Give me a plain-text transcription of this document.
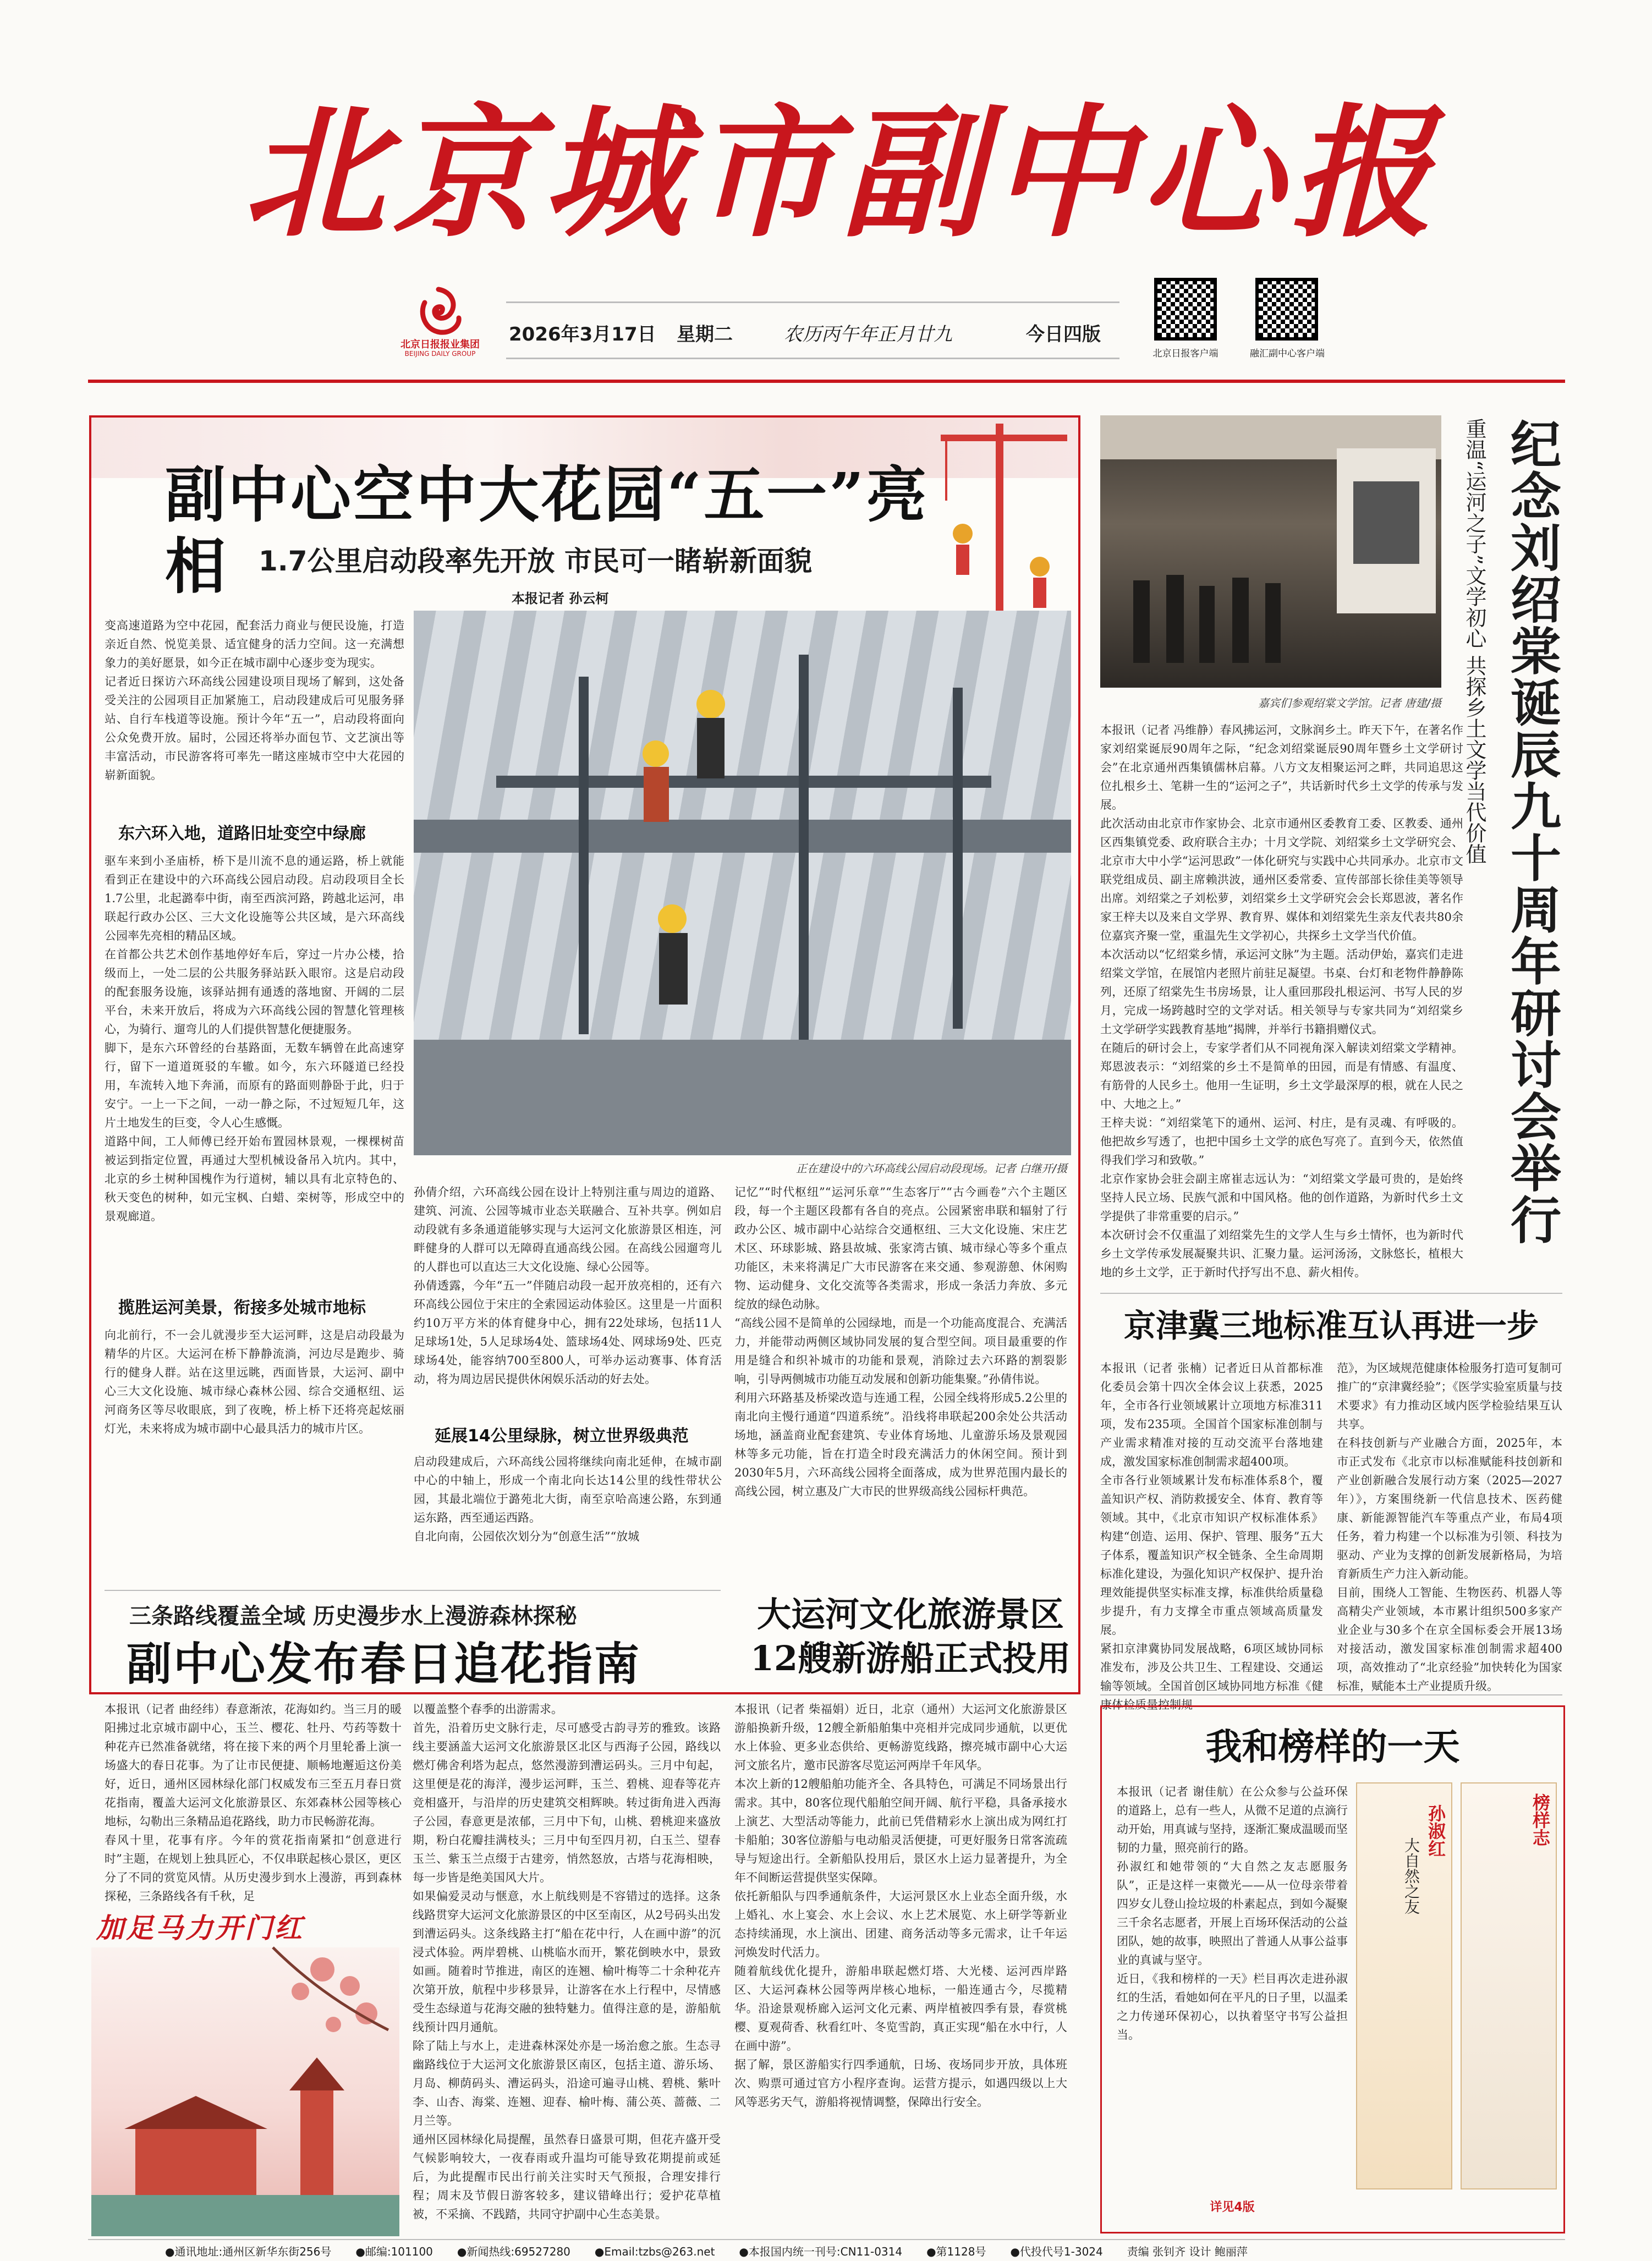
北京城市副中心报
北京日报报业集团
BEIJING DAILY GROUP
2026年3月17日	星期二	农历丙午年正月廿九	今日四版
北京日报客户端	融汇副中心客户端
副中心空中大花园“五一”亮相	1.7公里启动段率先开放 市民可一睹崭新面貌
本报记者 孙云柯
变高速道路为空中花园，配套活力商业与便民设施，打造亲近自然、悦览美景、适宜健身的活力空间。这一充满想象力的美好愿景，如今正在城市副中心逐步变为现实。
记者近日探访六环高线公园建设项目现场了解到，这处备受关注的公园项目正加紧施工，启动段建成后可见服务驿站、自行车栈道等设施。预计今年“五一”，启动段将面向公众免费开放。届时，公园还将举办面包节、文艺演出等丰富活动，市民游客将可率先一睹这座城市空中大花园的崭新面貌。
东六环入地，道路旧址变空中绿廊
驱车来到小圣庙桥，桥下是川流不息的通运路，桥上就能看到正在建设中的六环高线公园启动段。启动段项目全长1.7公里，北起潞奉中街，南至西滨河路，跨越北运河，串联起行政办公区、三大文化设施等公共区域，是六环高线公园率先亮相的精品区域。
在首都公共艺术创作基地停好车后，穿过一片办公楼，拾级而上，一处二层的公共服务驿站跃入眼帘。这是启动段的配套服务设施，该驿站拥有通透的落地窗、开阔的二层平台，未来开放后，将成为六环高线公园的智慧化管理核心，为骑行、遛弯儿的人们提供智慧化便捷服务。
脚下，是东六环曾经的台基路面，无数车辆曾在此高速穿行，留下一道道斑驳的车辙。如今，东六环隧道已经投用，车流转入地下奔涌，而原有的路面则静卧于此，归于安宁。一上一下之间，一动一静之际，不过短短几年，这片土地发生的巨变，令人心生感慨。
道路中间，工人师傅已经开始布置园林景观，一棵棵树苗被运到指定位置，再通过大型机械设备吊入坑内。其中，北京的乡土树种国槐作为行道树，辅以具有北京特色的、秋天变色的树种，如元宝枫、白蜡、栾树等，形成空中的景观廊道。
揽胜运河美景，衔接多处城市地标
向北前行，不一会儿就漫步至大运河畔，这是启动段最为精华的片区。大运河在桥下静静流淌，河边尽是跑步、骑行的健身人群。站在这里远眺，西面皆景，大运河、副中心三大文化设施、城市绿心森林公园、综合交通枢纽、运河商务区等尽收眼底，到了夜晚，桥上桥下还将亮起炫丽灯光，未来将成为城市副中心最具活力的城市片区。
正在建设中的六环高线公园启动段现场。记者 白继开/摄
孙倩介绍，六环高线公园在设计上特别注重与周边的道路、建筑、河流、公园等城市业态关联融合、互补共享。例如启动段就有多条通道能够实现与大运河文化旅游景区相连，河畔健身的人群可以无障碍直通高线公园。在高线公园遛弯儿的人群也可以直达三大文化设施、绿心公园等。
孙倩透露，今年“五一”伴随启动段一起开放亮相的，还有六环高线公园位于宋庄的全索园运动体验区。这里是一片面积约10万平方米的体育健身中心，拥有22处球场，包括11人足球场1处，5人足球场4处、篮球场4处、网球场9处、匹克球场4处，能容纳700至800人，可举办运动赛事、体育活动，将为周边居民提供休闲娱乐活动的好去处。
延展14公里绿脉，树立世界级典范
启动段建成后，六环高线公园将继续向南北延伸，在城市副中心的中轴上，形成一个南北向长达14公里的线性带状公园，其最北端位于潞苑北大街，南至京哈高速公路，东到通运东路，西至通运西路。
自北向南，公园依次划分为“创意生活”“放城
记忆”“时代枢纽”“运河乐章”“生态客厅”“古今画卷”六个主题区段，每一个主题区段都有各自的亮点。公园紧密串联和辐射了行政办公区、城市副中心站综合交通枢纽、三大文化设施、宋庄艺术区、环球影城、路县故城、张家湾古镇、城市绿心等多个重点功能区，未来将满足广大市民游客在来交通、参观游憩、休闲购物、运动健身、文化交流等各类需求，形成一条活力奔放、多元绽放的绿色动脉。
“高线公园不是简单的公园绿地，而是一个功能高度混合、充满活力，并能带动两侧区域协同发展的复合型空间。项目最重要的作用是缝合和织补城市的功能和景观，消除过去六环路的割裂影响，引导两侧城市功能互动发展和创新功能集聚。”孙倩伟说。
利用六环路基及桥梁改造与连通工程，公园全线将形成5.2公里的南北向主慢行通道“四道系统”。沿线将串联起200余处公共活动场地，涵盖商业配套建筑、专业体育场地、儿童游乐场及景观园林等多元功能，旨在打造全时段充满活力的休闲空间。预计到2030年5月，六环高线公园将全面落成，成为世界范围内最长的高线公园，树立惠及广大市民的世界级高线公园标杆典范。
三条路线覆盖全域 历史漫步水上漫游森林探秘
副中心发布春日追花指南
加足马力开门红
本报讯（记者 曲经纬）春意渐浓，花海如约。当三月的暖阳拂过北京城市副中心，玉兰、樱花、牡丹、芍药等数十种花卉已然准备就绪，将在接下来的两个月里轮番上演一场盛大的春日花事。为了让市民便捷、顺畅地邂逅这份美好，近日，通州区园林绿化部门权威发布三至五月春日赏花指南，覆盖大运河文化旅游景区、东郊森林公园等核心地标，勾勒出三条精品追花路线，助力市民畅游花海。
春风十里，花事有序。今年的赏花指南紧扣“创意进行时”主题，在规划上独具匠心，不仅串联起核心景区，更区分了不同的赏览风情。从历史漫步到水上漫游，再到森林探秘，三条路线各有千秋，足
以覆盖整个春季的出游需求。
首先，沿着历史文脉行走，尽可感受古韵寻芳的雅致。该路线主要涵盖大运河文化旅游景区北区与西海子公园，路线以燃灯佛舍利塔为起点，悠然漫游到漕运码头。三月中旬起，这里便是花的海洋，漫步运河畔，玉兰、碧桃、迎春等花卉竞相盛开，与沿岸的历史建筑交相辉映。转过街角进入西海子公园，春意更是浓郁，三月中下旬，山桃、碧桃迎来盛放期，粉白花瓣挂满枝头；三月中旬至四月初，白玉兰、望春玉兰、紫玉兰点缀于古建旁，悄然怒放，古塔与花海相映，每一步皆是绝美国风大片。
如果偏爱灵动与惬意，水上航线则是不容错过的选择。这条线路贯穿大运河文化旅游景区的中区至南区，从2号码头出发到漕运码头。这条线路主打“船在花中行，人在画中游”的沉浸式体验。两岸碧桃、山桃临水而开，繁花倒映水中，景致如画。随着时节推进，南区的连翘、榆叶梅等二十余种花卉次第开放，航程中步移景异，让游客在水上行程中，尽情感受生态绿道与花海交融的独特魅力。值得注意的是，游船航线预计四月通航。
除了陆上与水上，走进森林深处亦是一场治愈之旅。生态寻幽路线位于大运河文化旅游景区南区，包括主道、游乐场、月岛、柳荫码头、漕运码头，沿途可遍寻山桃、碧桃、紫叶李、山杏、海棠、连翘、迎春、榆叶梅、蒲公英、蔷薇、二月兰等。
通州区园林绿化局提醒，虽然春日盛景可期，但花卉盛开受气候影响较大，一夜春雨或升温均可能导致花期提前或延后，为此提醒市民出行前关注实时天气预报，合理安排行程；周末及节假日游客较多，建议错峰出行；爱护花草植被，不采摘、不践踏，共同守护副中心生态美景。
大运河文化旅游景区
12艘新游船正式投用
本报讯（记者 柴福娟）近日，北京（通州）大运河文化旅游景区游船换新升级，12艘全新船舶集中亮相并完成同步通航，以更优水上体验、更多业态供给、更畅游览线路，擦亮城市副中心大运河文旅名片，邀市民游客尽览运河两岸千年风华。
本次上新的12艘船舶功能齐全、各具特色，可满足不同场景出行需求。其中，80客位现代船舶空间开阔、航行平稳，具备承接水上演艺、大型活动等能力，此前已凭借精彩水上演出成为网红打卡船舶；30客位游船与电动船灵活便捷，可更好服务日常客流疏导与短途出行。全新船队投用后，景区水上运力显著提升，为全年不间断运营提供坚实保障。
依托新船队与四季通航条件，大运河景区水上业态全面升级，水上婚礼、水上宴会、水上会议、水上艺术展览、水上研学等新业态持续涌现，水上演出、团建、商务活动等多元需求，让千年运河焕发时代活力。
随着航线优化提升，游船串联起燃灯塔、大光楼、运河西岸路区、大运河森林公园等两岸核心地标，一船连通古今，尽揽精华。沿途景观桥廊入运河文化元素、两岸植被四季有景，春赏桃樱、夏观荷香、秋看红叶、冬览雪韵，真正实现“船在水中行，人在画中游”。
据了解，景区游船实行四季通航，日场、夜场同步开放，具体班次、购票可通过官方小程序查询。运营方提示，如遇四级以上大风等恶劣天气，游船将视情调整，保障出行安全。
嘉宾们参观绍棠文学馆。记者 唐建/摄 重温“运河之子”文学初心 共探乡土文学当代价值 纪念刘绍棠诞辰九十周年研讨会举行
本报讯（记者 冯维静）春风拂运河，文脉润乡土。昨天下午，在著名作家刘绍棠诞辰90周年之际，“纪念刘绍棠诞辰90周年暨乡土文学研讨会”在北京通州西集镇儒林启幕。八方文友相聚运河之畔，共同追思这位扎根乡土、笔耕一生的“运河之子”，共话新时代乡土文学的传承与发展。
此次活动由北京市作家协会、北京市通州区委教育工委、区教委、通州区西集镇党委、政府联合主办；十月文学院、刘绍棠乡土文学研究会、北京市大中小学“运河思政”一体化研究与实践中心共同承办。北京市文联党组成员、副主席赖洪波，通州区委常委、宣传部部长徐佳美等领导出席。刘绍棠之子刘松萝，刘绍棠乡土文学研究会会长郑恩波，著名作家王梓夫以及来自文学界、教育界、媒体和刘绍棠先生亲友代表共80余位嘉宾齐聚一堂，重温先生文学初心，共探乡土文学当代价值。
本次活动以“忆绍棠乡情，承运河文脉”为主题。活动伊始，嘉宾们走进绍棠文学馆，在展馆内老照片前驻足凝望。书桌、台灯和老物件静静陈列，还原了绍棠先生书房场景，让人重回那段扎根运河、书写人民的岁月，完成一场跨越时空的文学对话。相关领导与专家共同为“刘绍棠乡土文学研学实践教育基地”揭牌，并举行书籍捐赠仪式。
在随后的研讨会上，专家学者们从不同视角深入解读刘绍棠文学精神。郑恩波表示：“刘绍棠的乡土不是简单的田园，而是有情感、有温度、有筋骨的人民乡土。他用一生证明，乡土文学最深厚的根，就在人民之中、大地之上。”
王梓夫说：“刘绍棠笔下的通州、运河、村庄，是有灵魂、有呼吸的。他把故乡写透了，也把中国乡土文学的底色写亮了。直到今天，依然值得我们学习和致敬。”
北京作家协会驻会副主席崔志远认为：“刘绍棠文学最可贵的，是始终坚持人民立场、民族气派和中国风格。他的创作道路，为新时代乡土文学提供了非常重要的启示。”
本次研讨会不仅重温了刘绍棠先生的文学人生与乡土情怀，也为新时代乡土文学传承发展凝聚共识、汇聚力量。运河汤汤，文脉悠长，植根大地的乡土文学，正于新时代抒写出不息、薪火相传。
京津冀三地标准互认再进一步
本报讯（记者 张楠）记者近日从首都标准化委员会第十四次全体会议上获悉，2025年，全市各行业领域累计立项地方标准311项，发布235项。全国首个国家标准创制与产业需求精准对接的互动交流平台落地建成，激发国家标准创制需求超400项。
全市各行业领域累计发布标准体系8个，覆盖知识产权、消防救援安全、体育、教育等领域。其中，《北京市知识产权标准体系》构建“创造、运用、保护、管理、服务”五大子体系，覆盖知识产权全链条、全生命周期标准化建设，为强化知识产权保护、提升治理效能提供坚实标准支撑，标准供给质量稳步提升，有力支撑全市重点领域高质量发展。
紧扣京津冀协同发展战略，6项区域协同标准发布，涉及公共卫生、工程建设、交通运输等领域。全国首创区域协同地方标准《健康体检质量控制规
范》，为区域规范健康体检服务打造可复制可推广的“京津冀经验”；《医学实验室质量与技术要求》有力推动区域内医学检验结果互认共享。
在科技创新与产业融合方面，2025年，本市正式发布《北京市以标准赋能科技创新和产业创新融合发展行动方案（2025—2027年）》，方案围绕新一代信息技术、医药健康、新能源智能汽车等重点产业，布局4项任务，着力构建一个以标准为引领、科技为驱动、产业为支撑的创新发展新格局，为培育新质生产力注入新动能。
目前，围绕人工智能、生物医药、机器人等高精尖产业领域，本市累计组织500多家产业企业与30多个在京全国标委会开展13场对接活动，激发国家标准创制需求超400项，高效推动了“北京经验”加快转化为国家标准，赋能本土产业提质升级。
我和榜样的一天
本报讯（记者 谢佳航）在公众参与公益环保的道路上，总有一些人，从微不足道的点滴行动开始，用真诚与坚持，逐渐汇聚成温暖而坚韧的力量，照亮前行的路。
孙淑红和她带领的“大自然之友志愿服务队”，正是这样一束微光——从一位母亲带着四岁女儿登山捡垃圾的朴素起点，到如今凝聚三千余名志愿者，开展上百场环保活动的公益团队，她的故事，映照出了普通人从事公益事业的真诚与坚守。
近日，《我和榜样的一天》栏目再次走进孙淑红的生活，看她如何在平凡的日子里，以温柔之力传递环保初心，以执着坚守书写公益担当。
孙淑红
大自然之友
榜样志
详见4版
●通讯地址:通州区新华东街256号 ●邮编:101100 ●新闻热线:69527280 ●Email:tzbs@263.net ●本报国内统一刊号:CN11-0314 ●第1128号 ●代投代号1-3024 责编 张钊齐 设计 鲍丽萍
